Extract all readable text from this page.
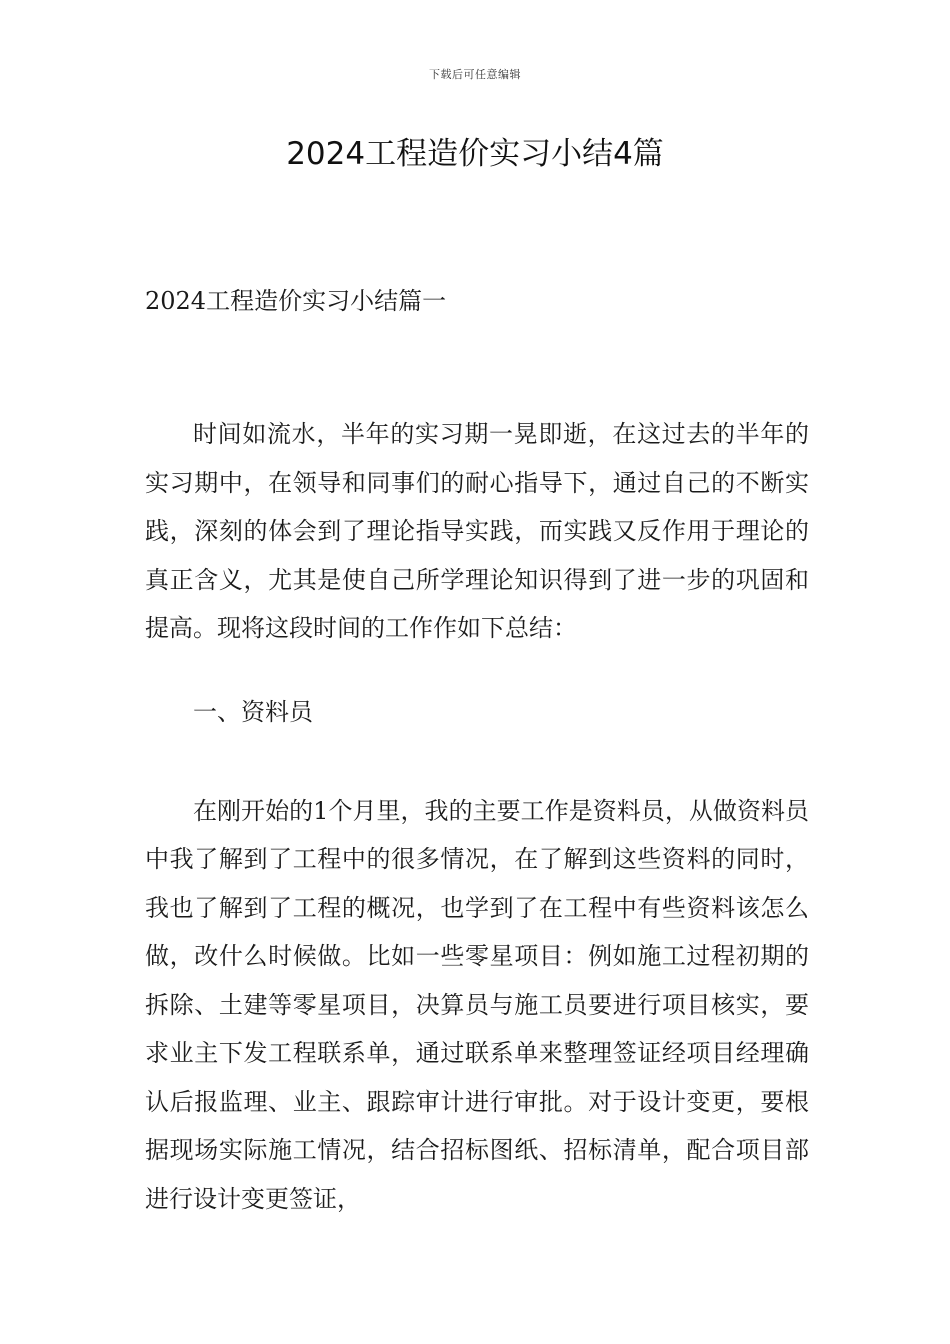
下载后可任意编辑
2024工程造价实习小结4篇
2024工程造价实习小结篇一

时间如流水，半年的实习期一晃即逝，在这过去的半年的实习期中，在领导和同事们的耐心指导下，通过自己的不断实践，深刻的体会到了理论指导实践，而实践又反作用于理论的真正含义，尤其是使自己所学理论知识得到了进一步的巩固和提高。现将这段时间的工作作如下总结：

一、资料员

在刚开始的1个月里，我的主要工作是资料员，从做资料员中我了解到了工程中的很多情况，在了解到这些资料的同时，我也了解到了工程的概况，也学到了在工程中有些资料该怎么做，改什么时候做。比如一些零星项目：例如施工过程初期的拆除、土建等零星项目，决算员与施工员要进行项目核实，要求业主下发工程联系单，通过联系单来整理签证经项目经理确认后报监理、业主、跟踪审计进行审批。对于设计变更，要根据现场实际施工情况，结合招标图纸、招标清单，配合项目部进行设计变更签证，
